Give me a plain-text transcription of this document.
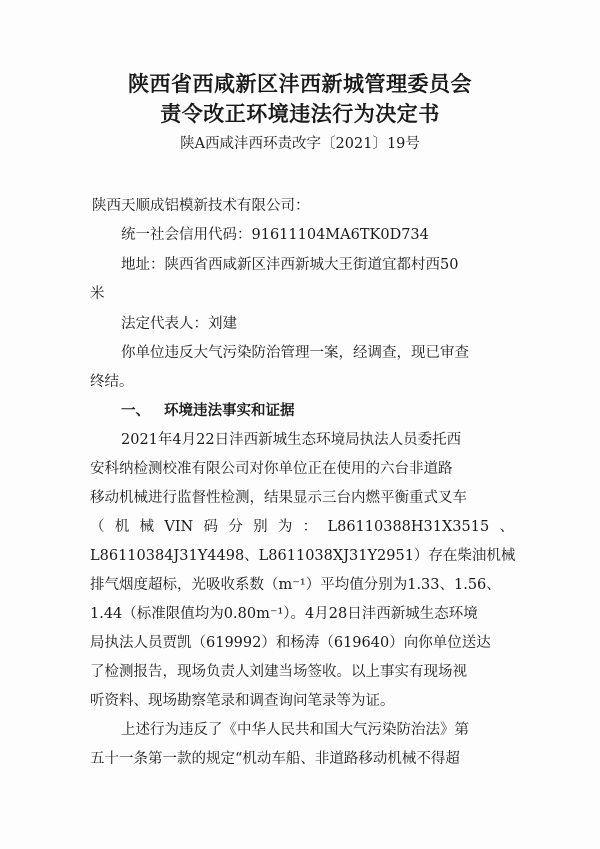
陕西省西咸新区沣西新城管理委员会
责令改正环境违法行为决定书
陕A西咸沣西环责改字〔2021〕19号
陕西天顺成铝模新技术有限公司：
统一社会信用代码：91611104MA6TK0D734
地址：陕西省西咸新区沣西新城大王街道宜都村西50
米
法定代表人：刘建
你单位违反大气污染防治管理一案，经调查，现已审查
终结。
一、 环境违法事实和证据
2021年4月22日沣西新城生态环境局执法人员委托西
安科纳检测校准有限公司对你单位正在使用的六台非道路
移动机械进行监督性检测，结果显示三台内燃平衡重式叉车
（机械VIN码分别为：L86110388H31X3515、
L86110384J31Y4498、L8611038XJ31Y2951）存在柴油机械
排气烟度超标，光吸收系数（m⁻¹）平均值分别为1.33、1.56、
1.44（标准限值均为0.80m⁻¹）。4月28日沣西新城生态环境
局执法人员贾凯（619992）和杨涛（619640）向你单位送达
了检测报告，现场负责人刘建当场签收。以上事实有现场视
听资料、现场勘察笔录和调查询问笔录等为证。
上述行为违反了《中华人民共和国大气污染防治法》第
五十一条第一款的规定“机动车船、非道路移动机械不得超
